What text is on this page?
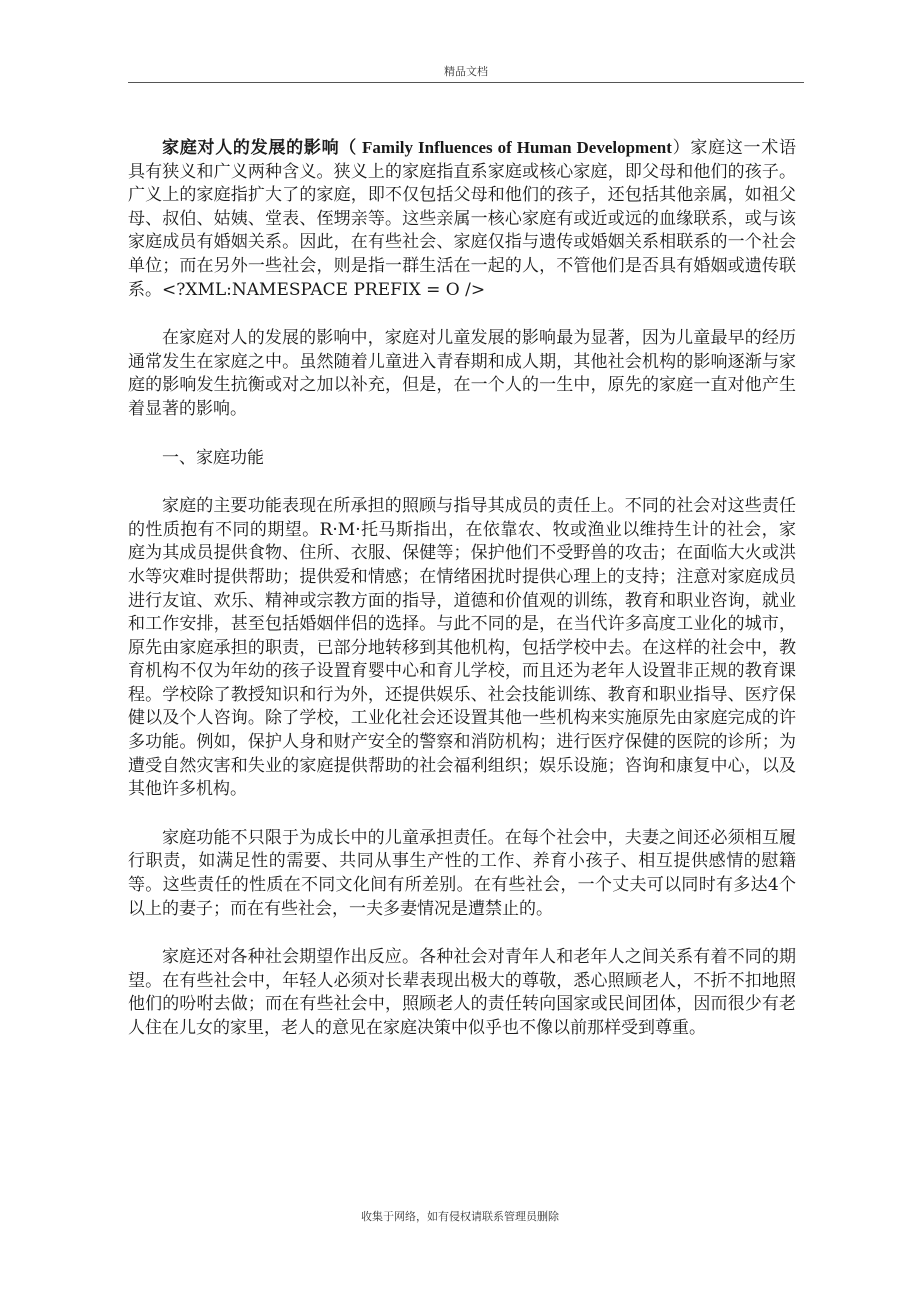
精品文档

家庭对人的发展的影响（ Family Influences of Human Development）家庭这一术语具有狭义和广义两种含义。狭义上的家庭指直系家庭或核心家庭，即父母和他们的孩子。广义上的家庭指扩大了的家庭，即不仅包括父母和他们的孩子，还包括其他亲属，如祖父母、叔伯、姑姨、堂表、侄甥亲等。这些亲属一核心家庭有或近或远的血缘联系，或与该家庭成员有婚姻关系。因此，在有些社会、家庭仅指与遗传或婚姻关系相联系的一个社会单位；而在另外一些社会，则是指一群生活在一起的人，不管他们是否具有婚姻或遗传联系。<?XML:NAMESPACE PREFIX = O />

在家庭对人的发展的影响中，家庭对儿童发展的影响最为显著，因为儿童最早的经历通常发生在家庭之中。虽然随着儿童进入青春期和成人期，其他社会机构的影响逐渐与家庭的影响发生抗衡或对之加以补充，但是，在一个人的一生中，原先的家庭一直对他产生着显著的影响。

一、家庭功能

家庭的主要功能表现在所承担的照顾与指导其成员的责任上。不同的社会对这些责任的性质抱有不同的期望。R·M·托马斯指出，在依靠农、牧或渔业以维持生计的社会，家庭为其成员提供食物、住所、衣服、保健等；保护他们不受野兽的攻击；在面临大火或洪水等灾难时提供帮助；提供爱和情感；在情绪困扰时提供心理上的支持；注意对家庭成员进行友谊、欢乐、精神或宗教方面的指导，道德和价值观的训练，教育和职业咨询，就业和工作安排，甚至包括婚姻伴侣的选择。与此不同的是，在当代许多高度工业化的城市，原先由家庭承担的职责，已部分地转移到其他机构，包括学校中去。在这样的社会中，教育机构不仅为年幼的孩子设置育婴中心和育儿学校，而且还为老年人设置非正规的教育课程。学校除了教授知识和行为外，还提供娱乐、社会技能训练、教育和职业指导、医疗保健以及个人咨询。除了学校，工业化社会还设置其他一些机构来实施原先由家庭完成的许多功能。例如，保护人身和财产安全的警察和消防机构；进行医疗保健的医院的诊所；为遭受自然灾害和失业的家庭提供帮助的社会福利组织；娱乐设施；咨询和康复中心，以及其他许多机构。

家庭功能不只限于为成长中的儿童承担责任。在每个社会中，夫妻之间还必须相互履行职责，如满足性的需要、共同从事生产性的工作、养育小孩子、相互提供感情的慰籍等。这些责任的性质在不同文化间有所差别。在有些社会，一个丈夫可以同时有多达4个以上的妻子；而在有些社会，一夫多妻情况是遭禁止的。

家庭还对各种社会期望作出反应。各种社会对青年人和老年人之间关系有着不同的期望。在有些社会中，年轻人必须对长辈表现出极大的尊敬，悉心照顾老人，不折不扣地照他们的吩咐去做；而在有些社会中，照顾老人的责任转向国家或民间团体，因而很少有老人住在儿女的家里，老人的意见在家庭决策中似乎也不像以前那样受到尊重。

收集于网络，如有侵权请联系管理员删除
